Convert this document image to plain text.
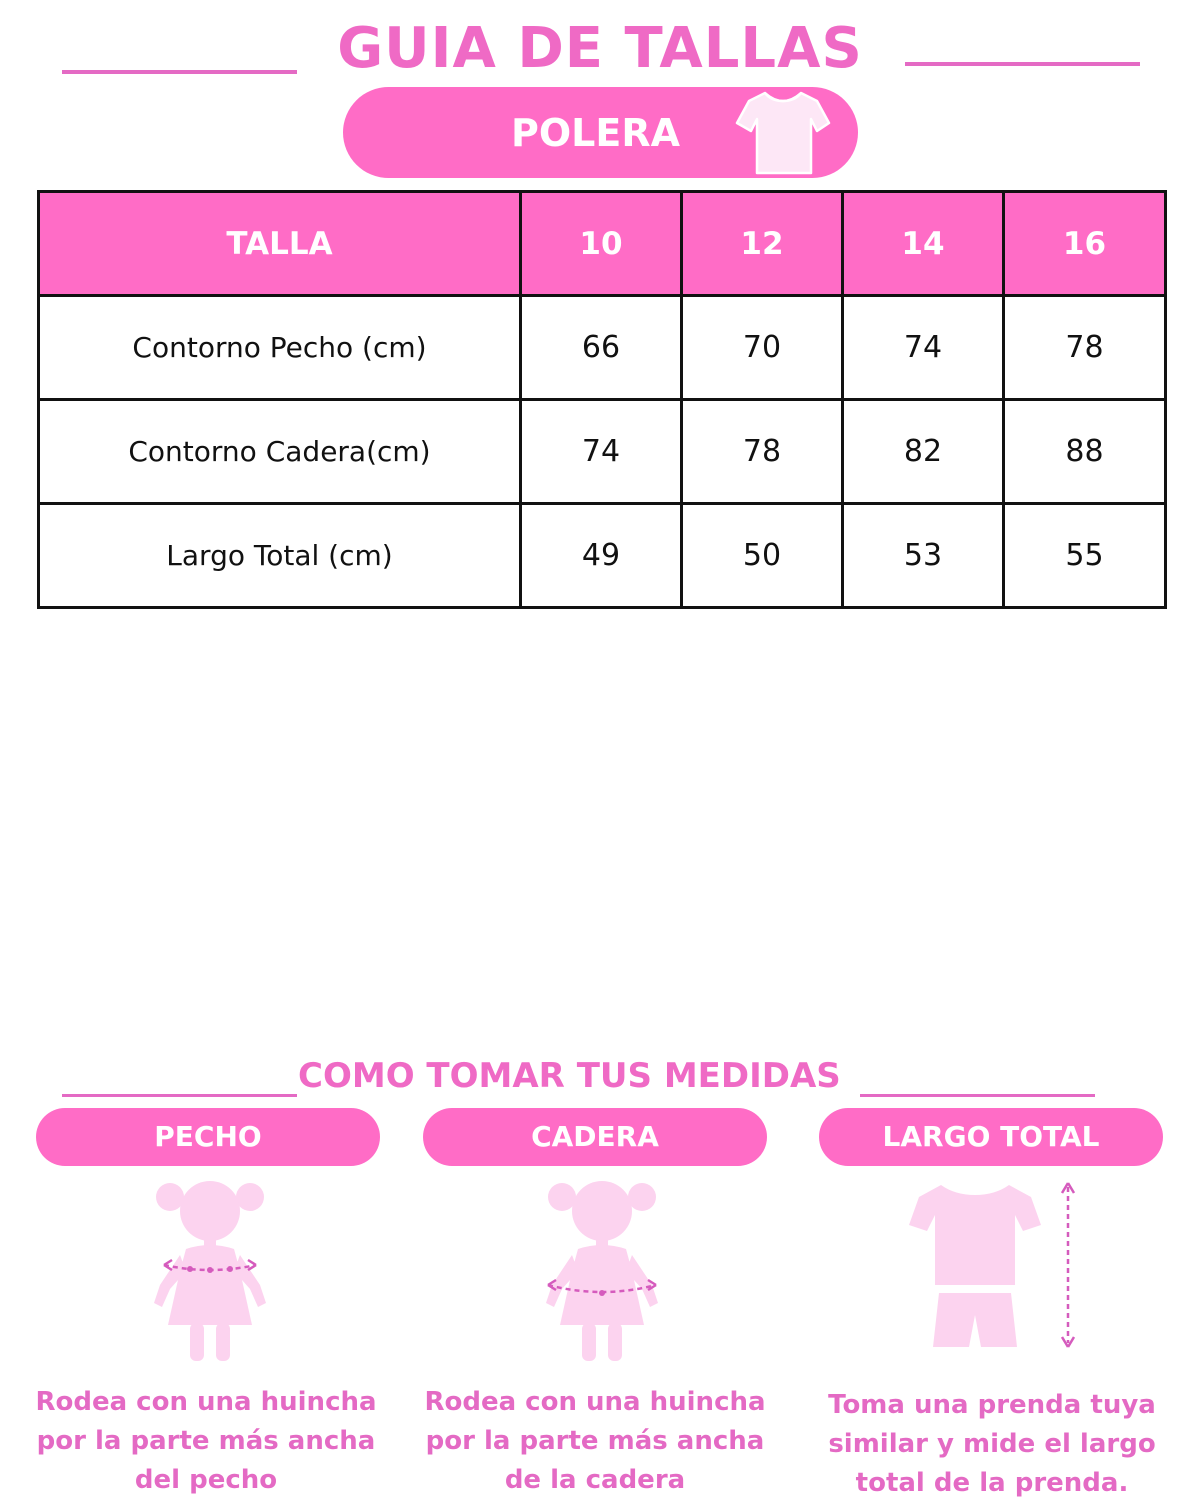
GUIA DE TALLAS
POLERA
TALLA	10	12	14	16
Contorno Pecho (cm)	66	70	74	78
Contorno Cadera(cm)	74	78	82	88
Largo Total (cm)	49	50	53	55
COMO TOMAR TUS MEDIDAS
PECHO	CADERA	LARGO TOTAL
Rodea con una huincha
por la parte más ancha
del pecho
Rodea con una huincha
por la parte más ancha
de la cadera
Toma una prenda tuya
similar y mide el largo
total de la prenda.
